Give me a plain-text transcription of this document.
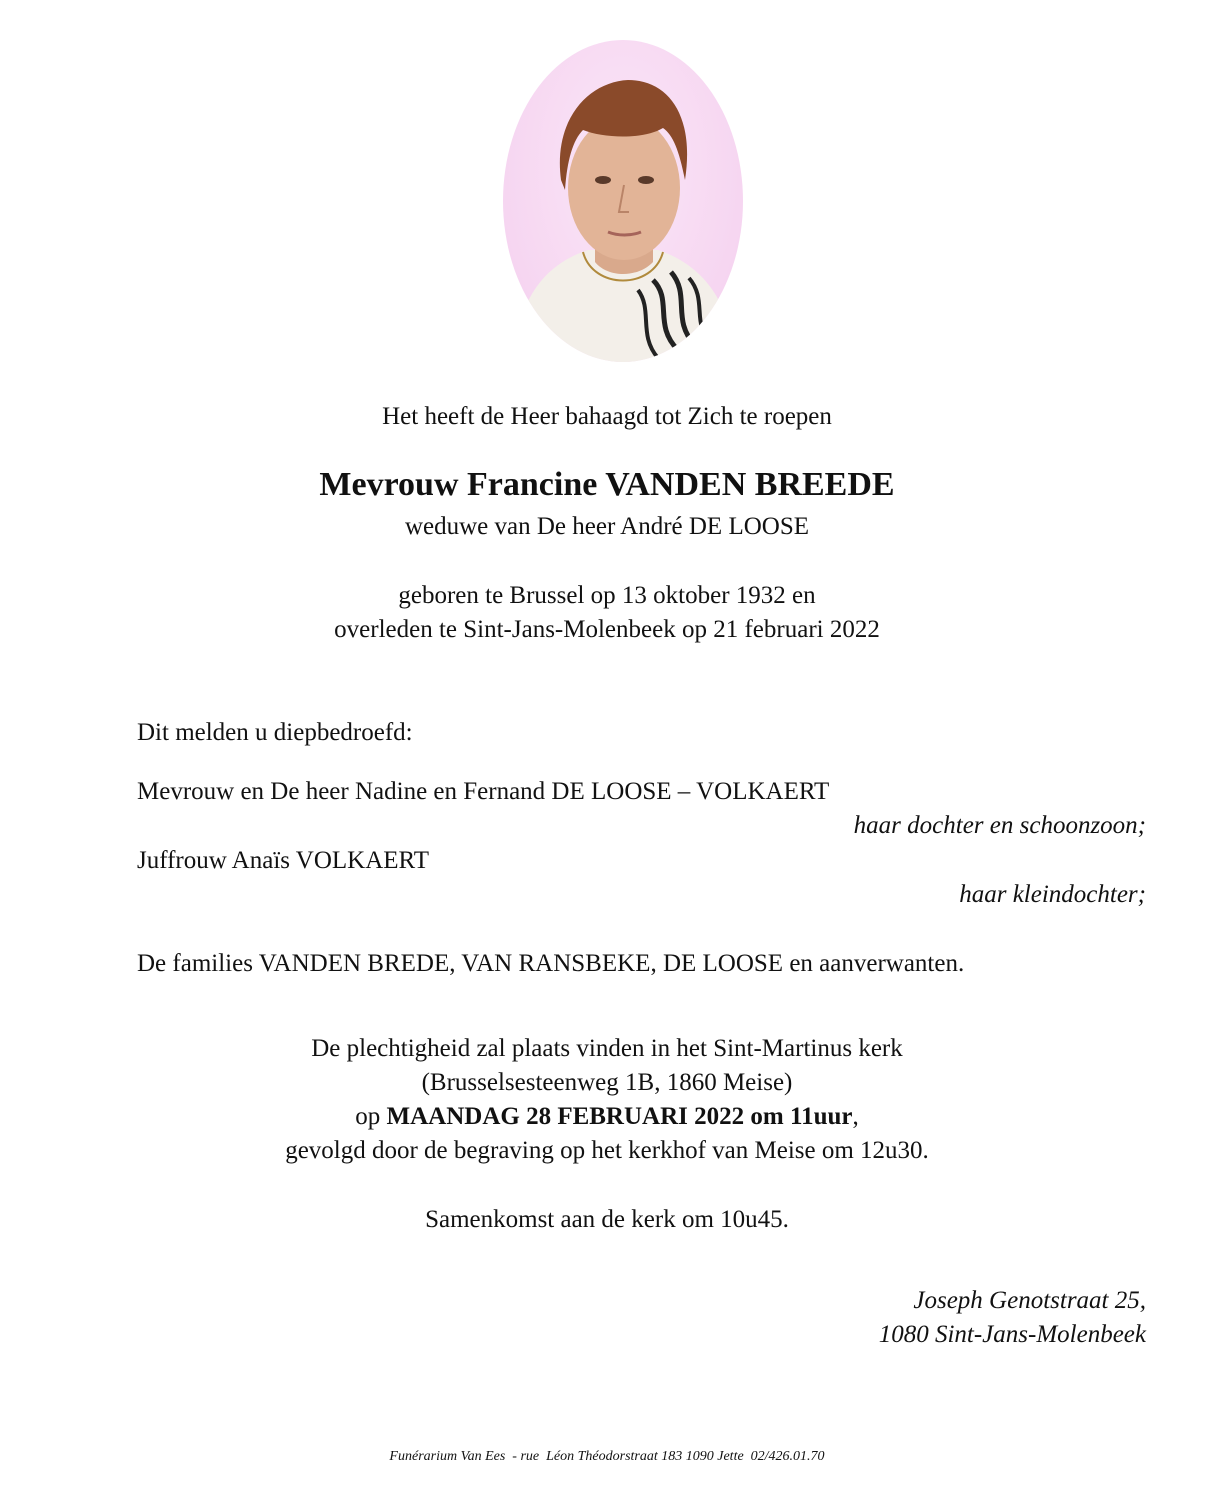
Het heeft de Heer bahaagd tot Zich te roepen
Mevrouw Francine VANDEN BREEDE
weduwe van De heer André DE LOOSE
geboren te Brussel op 13 oktober 1932 en
overleden te Sint-Jans-Molenbeek op 21 februari 2022
Dit melden u diepbedroefd:
Mevrouw en De heer Nadine en Fernand DE LOOSE – VOLKAERT
haar dochter en schoonzoon;
Juffrouw Anaïs VOLKAERT
haar kleindochter;
De families VANDEN BREDE, VAN RANSBEKE, DE LOOSE en aanverwanten.
De plechtigheid zal plaats vinden in het Sint-Martinus kerk
(Brusselsesteenweg 1B, 1860 Meise)
op MAANDAG 28 FEBRUARI 2022 om 11uur,
gevolgd door de begraving op het kerkhof van Meise om 12u30.
Samenkomst aan de kerk om 10u45.
Joseph Genotstraat 25,
1080 Sint-Jans-Molenbeek
Funérarium Van Ees  - rue  Léon Théodorstraat 183 1090 Jette  02/426.01.70
